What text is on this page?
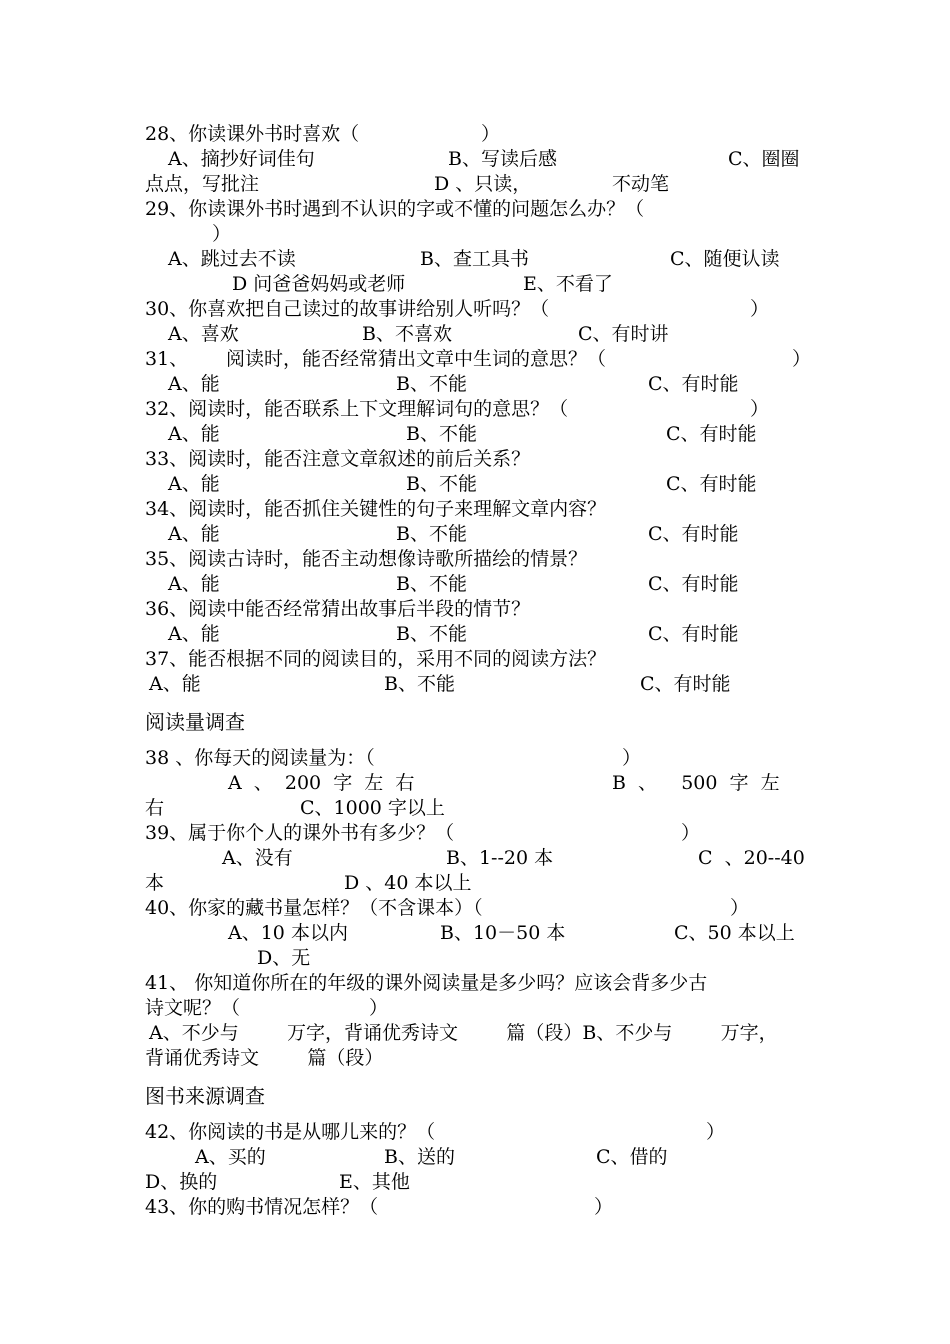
28、你读课外书时喜欢（	）
A、摘抄好词佳句	B、写读后感	C、圈圈
点点，写批注	D 、只读，	不动笔
29、你读课外书时遇到不认识的字或不懂的问题怎么办？（
）
A、跳过去不读	B、查工具书	C、随便认读
D 问爸爸妈妈或老师	E、不看了
30、你喜欢把自己读过的故事讲给别人听吗？（	）
A、喜欢	B、不喜欢	C、有时讲
31、 阅读时，能否经常猜出文章中生词的意思？（	）
A、能	B、不能	C、有时能
32、阅读时，能否联系上下文理解词句的意思？（	）
A、能	B、不能	C、有时能
33、阅读时，能否注意文章叙述的前后关系？
A、能	B、不能	C、有时能
34、阅读时，能否抓住关键性的句子来理解文章内容？
A、能	B、不能	C、有时能
35、阅读古诗时，能否主动想像诗歌所描绘的情景？
A、能	B、不能	C、有时能
36、阅读中能否经常猜出故事后半段的情节？
A、能	B、不能	C、有时能
37、能否根据不同的阅读目的，采用不同的阅读方法？
A、能	B、不能	C、有时能
阅读量调查
38 、你每天的阅读量为：（	）
A  、  200  字  左  右	B  、    500  字  左
右	C、1000 字以上
39、属于你个人的课外书有多少？（	）
A、没有	B、1--20 本	C  、20--40
本	D 、40 本以上
40、你家的藏书量怎样？（不含课本）（	）
A、10 本以内	B、10－50 本	C、50 本以上
D、无
41、 你知道你所在的年级的课外阅读量是多少吗？应该会背多少古
诗文呢？（	）
A、不少与        万字，背诵优秀诗文        篇（段）B、不少与        万字，
背诵优秀诗文        篇（段）
图书来源调查
42、你阅读的书是从哪儿来的？（	）
A、买的	B、送的	C、借的
D、换的	E、其他
43、你的购书情况怎样？（	）
